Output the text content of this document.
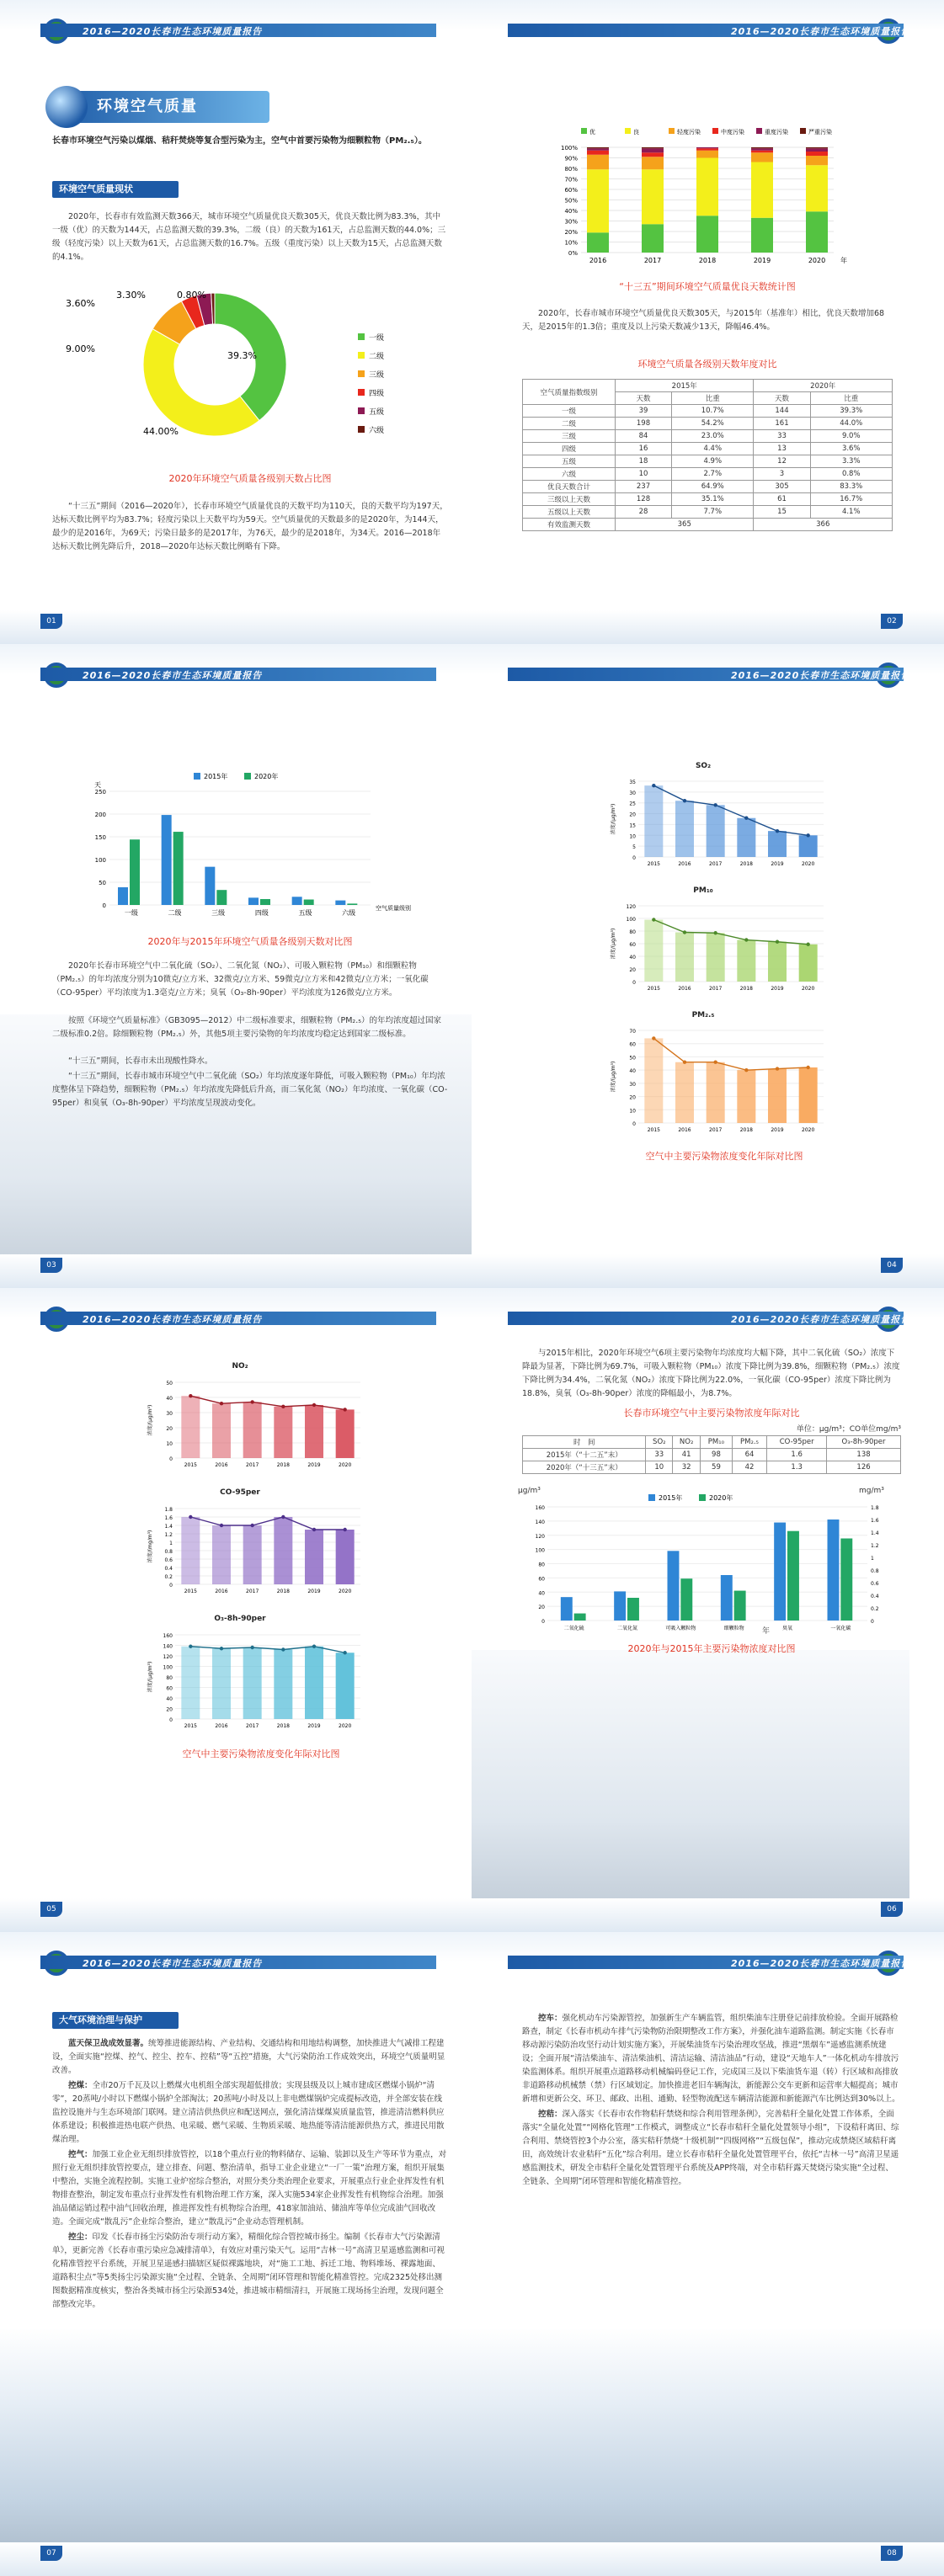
2016—2020长春市生态环境质量报告	2016—2020长春市生态环境质量报告
环境空气质量
长春市环境空气污染以煤烟、秸秆焚烧等复合型污染为主，空气中首要污染物为细颗粒物（PM₂.₅）。
环境空气质量现状
2020年，长春市有效监测天数366天，城市环境空气质量优良天数305天，优良天数比例为83.3%，其中一级（优）的天数为144天，占总监测天数的39.3%，二级（良）的天数为161天，占总监测天数的44.0%；三级（轻度污染）以上天数为61天，占总监测天数的16.7%。五级（重度污染）以上天数为15天，占总监测天数的4.1%。
39.3%
44.00%
9.00%
3.60%
3.30%	0.80%
一级
二级
三级
四级
五级
六级
2020年环境空气质量各级别天数占比图
“十三五”期间（2016—2020年），长春市环境空气质量优良的天数平均为110天，良的天数平均为197天，达标天数比例平均为83.7%；轻度污染以上天数平均为59天。空气质量优的天数最多的是2020年，为144天，最少的是2016年，为69天；污染日最多的是2017年，为76天，最少的是2018年，为34天。2016—2018年达标天数比例先降后升，2018—2020年达标天数比例略有下降。
优	良	轻度污染	中度污染	重度污染	严重污染
0%
10%
20%
30%
40%
50%
60%
70%
80%
90%
100%
2016	2017	2018	2019	2020 年
“十三五”期间环境空气质量优良天数统计图
2020年，长春市城市环境空气质量优良天数305天，与2015年（基准年）相比，优良天数增加68天，是2015年的1.3倍；重度及以上污染天数减少13天，降幅46.4%。
环境空气质量各级别天数年度对比
空气质量指数级别	2015年		2020年	
	天数	比重	天数	比重
一级	39	10.7%	144	39.3%
二级	198	54.2%	161	44.0%
三级	84	23.0%	33	9.0%
四级	16	4.4%	13	3.6%
五级	18	4.9%	12	3.3%
六级	10	2.7%	3	0.8%
优良天数合计	237	64.9%	305	83.3%
三级以上天数	128	35.1%	61	16.7%
五级以上天数	28	7.7%	15	4.1%
有效监测天数	365		366	
01	02
2016—2020长春市生态环境质量报告	2016—2020长春市生态环境质量报告
2015年	2020年
天
0
50
100
150
200
250
一级	二级	三级	四级	五级	六级
空气质量级别
2020年与2015年环境空气质量各级别天数对比图
2020年长春市环境空气中二氧化硫（SO₂）、二氧化氮（NO₂）、可吸入颗粒物（PM₁₀）和细颗粒物（PM₂.₅）的年均浓度分别为10微克/立方米、32微克/立方米、59微克/立方米和42微克/立方米；一氧化碳（CO-95per）平均浓度为1.3毫克/立方米；臭氧（O₃-8h-90per）平均浓度为126微克/立方米。
按照《环境空气质量标准》（GB3095—2012）中二级标准要求，细颗粒物（PM₂.₅）的年均浓度超过国家二级标准0.2倍。除细颗粒物（PM₂.₅）外，其他5项主要污染物的年均浓度均稳定达到国家二级标准。
“十三五”期间，长春市未出现酸性降水。
“十三五”期间，长春市城市环境空气中二氧化硫（SO₂）年均浓度逐年降低，可吸入颗粒物（PM₁₀）年均浓度整体呈下降趋势，细颗粒物（PM₂.₅）年均浓度先降低后升高，而二氧化氮（NO₂）年均浓度、一氧化碳（CO-95per）和臭氧（O₃-8h-90per）平均浓度呈现波动变化。
SO₂
0
5
10
15
20
25
30
35
浓度/(μg/m³)
2015	2016	2017	2018	2019	2020
PM₁₀
0
20
40
60
80
100
120
浓度/(μg/m³)
2015	2016	2017	2018	2019	2020
PM₂.₅
0
10
20
30
40
50
60
70
浓度/(μg/m³)
2015	2016	2017	2018	2019	2020
空气中主要污染物浓度变化年际对比图
03	04
2016—2020长春市生态环境质量报告	2016—2020长春市生态环境质量报告
NO₂
0
10
20
30
40
50
浓度/(μg/m³)
2015	2016	2017	2018	2019	2020
CO-95per
0
0.2
0.4
0.6
0.8
1
1.2
1.4
1.6
1.8
浓度/(mg/m³)
2015	2016	2017	2018	2019	2020
O₃-8h-90per
0
20
40
60
80
100
120
140
160
浓度/(μg/m³)
2015	2016	2017	2018	2019	2020
空气中主要污染物浓度变化年际对比图
与2015年相比，2020年环境空气6项主要污染物年均浓度均大幅下降，其中二氧化硫（SO₂）浓度下降最为显著，下降比例为69.7%，可吸入颗粒物（PM₁₀）浓度下降比例为39.8%，细颗粒物（PM₂.₅）浓度下降比例为34.4%，二氧化氮（NO₂）浓度下降比例为22.0%，一氧化碳（CO-95per）浓度下降比例为18.8%，臭氧（O₃-8h-90per）浓度的降幅最小，为8.7%。
长春市环境空气中主要污染物浓度年际对比
单位：μg/m³；CO单位mg/m³
时　间	SO₂	NO₂	PM₁₀	PM₂.₅	CO-95per	O₃-8h-90per
2015年（“十二五”末）	33	41	98	64	1.6	138
2020年（“十三五”末）	10	32	59	42	1.3	126
μg/m³	mg/m³
2015年	2020年
0
20
40
60
80
100
120
140
160
0
0.2
0.4
0.6
0.8
1
1.2
1.4
1.6
1.8
二氧化硫	二氧化氮	可吸入颗粒物	细颗粒物	臭氧	一氧化碳
年
2020年与2015年主要污染物浓度对比图
05	06
2016—2020长春市生态环境质量报告	2016—2020长春市生态环境质量报告
大气环境治理与保护

蓝天保卫战成效显著。统筹推进能源结构、产业结构、交通结构和用地结构调整，加快推进大气减排工程建设，全面实施“控煤、控气、控尘、控车、控秸”等“五控”措施，大气污染防治工作成效突出，环境空气质量明显改善。

控煤：全市20万千瓦及以上燃煤火电机组全部实现超低排放；实现县级及以上城市建成区燃煤小锅炉“清零”，20蒸吨/小时以下燃煤小锅炉全部淘汰；20蒸吨/小时及以上非电燃煤锅炉完成提标改造，并全部安装在线监控设施并与生态环境部门联网。建立清洁供热供应和配送网点，强化清洁煤煤炭质量监管，推进清洁燃料供应体系建设；积极推进热电联产供热、电采暖、燃气采暖、生物质采暖、地热能等清洁能源供热方式，推进民用散煤治理。

控气：加强工业企业无组织排放管控，以18个重点行业的物料储存、运输、装卸以及生产等环节为重点，对照行业无组织排放管控要点，建立排查、问题、整治清单，指导工业企业建立“一厂一策”治理方案，组织开展集中整治，实施全流程控制。实施工业炉窑综合整治，对照分类分类治理企业要求，开展重点行业企业挥发性有机物排查整治，制定发布重点行业挥发性有机物治理工作方案，深入实施534家企业挥发性有机物综合治理。加强油品储运销过程中油气回收治理，推进挥发性有机物综合治理，418家加油站、储油库等单位完成油气回收改造。全面完成“散乱污”企业综合整治，建立“散乱污”企业动态管理机制。

控尘：印发《长春市扬尘污染防治专项行动方案》，精细化综合管控城市扬尘。编制《长春市大气污染源清单》，更新完善《长春市重污染应急减排清单》，有效应对重污染天气。运用“吉林一号”高清卫星遥感监测和可视化精准管控平台系统，开展卫星遥感扫描辖区疑似裸露地块，对“施工工地、拆迁工地、物料堆场、裸露地面、道路积尘点”等5类扬尘污染源实施“全过程、全链条、全周期”闭环管理和智能化精准管控。完成2325处移出测图数据精准度核实，整治各类城市扬尘污染源534处，推进城市精细清扫，开展施工现场扬尘治理，发现问题全部整改完毕。

控车：强化机动车污染源管控，加强新生产车辆监管，组织柴油车注册登记前排放检验。全面开展路检路查，制定《长春市机动车排气污染物防治限期整改工作方案》，并强化油车道路监测。制定实施《长春市移动源污染防治攻坚行动计划实施方案》，开展柴油货车污染治理攻坚战，推进“黑烟车”遥感监测系统建设；全面开展“清洁柴油车、清洁柴油机、清洁运输、清洁油品”行动，建设“天地车人”一体化机动车排放污染监测体系。组织开展重点道路移动机械编码登记工作，完成国三及以下柴油货车退（转）行区域和高排放非道路移动机械禁（禁）行区域划定。加快推进老旧车辆淘汰，新能源公交车更新和运营率大幅提高；城市新增和更新公交、环卫、邮政、出租、通勤、轻型物流配送车辆清洁能源和新能源汽车比例达到30%以上。

控秸：深入落实《长春市农作物秸秆禁烧和综合利用管理条例》，完善秸秆全量化处置工作体系，全面落实“全量化处置”“网格化管理”工作模式，调整成立“长春市秸秆全量化处置领导小组”，下设秸秆离田、综合利用、禁烧管控3个办公室，落实秸秆禁烧“十级机制”“四级网格”“五级包保”，推动完成禁烧区域秸秆离田，高效统计农业秸秆“五化”综合利用。建立长春市秸秆全量化处置管理平台，依托“吉林一号”高清卫星遥感监测技术，研发全市秸秆全量化处置管理平台系统及APP终端，对全市秸秆露天焚烧污染实施“全过程、全链条、全周期”闭环管理和智能化精准管控。

07	08
